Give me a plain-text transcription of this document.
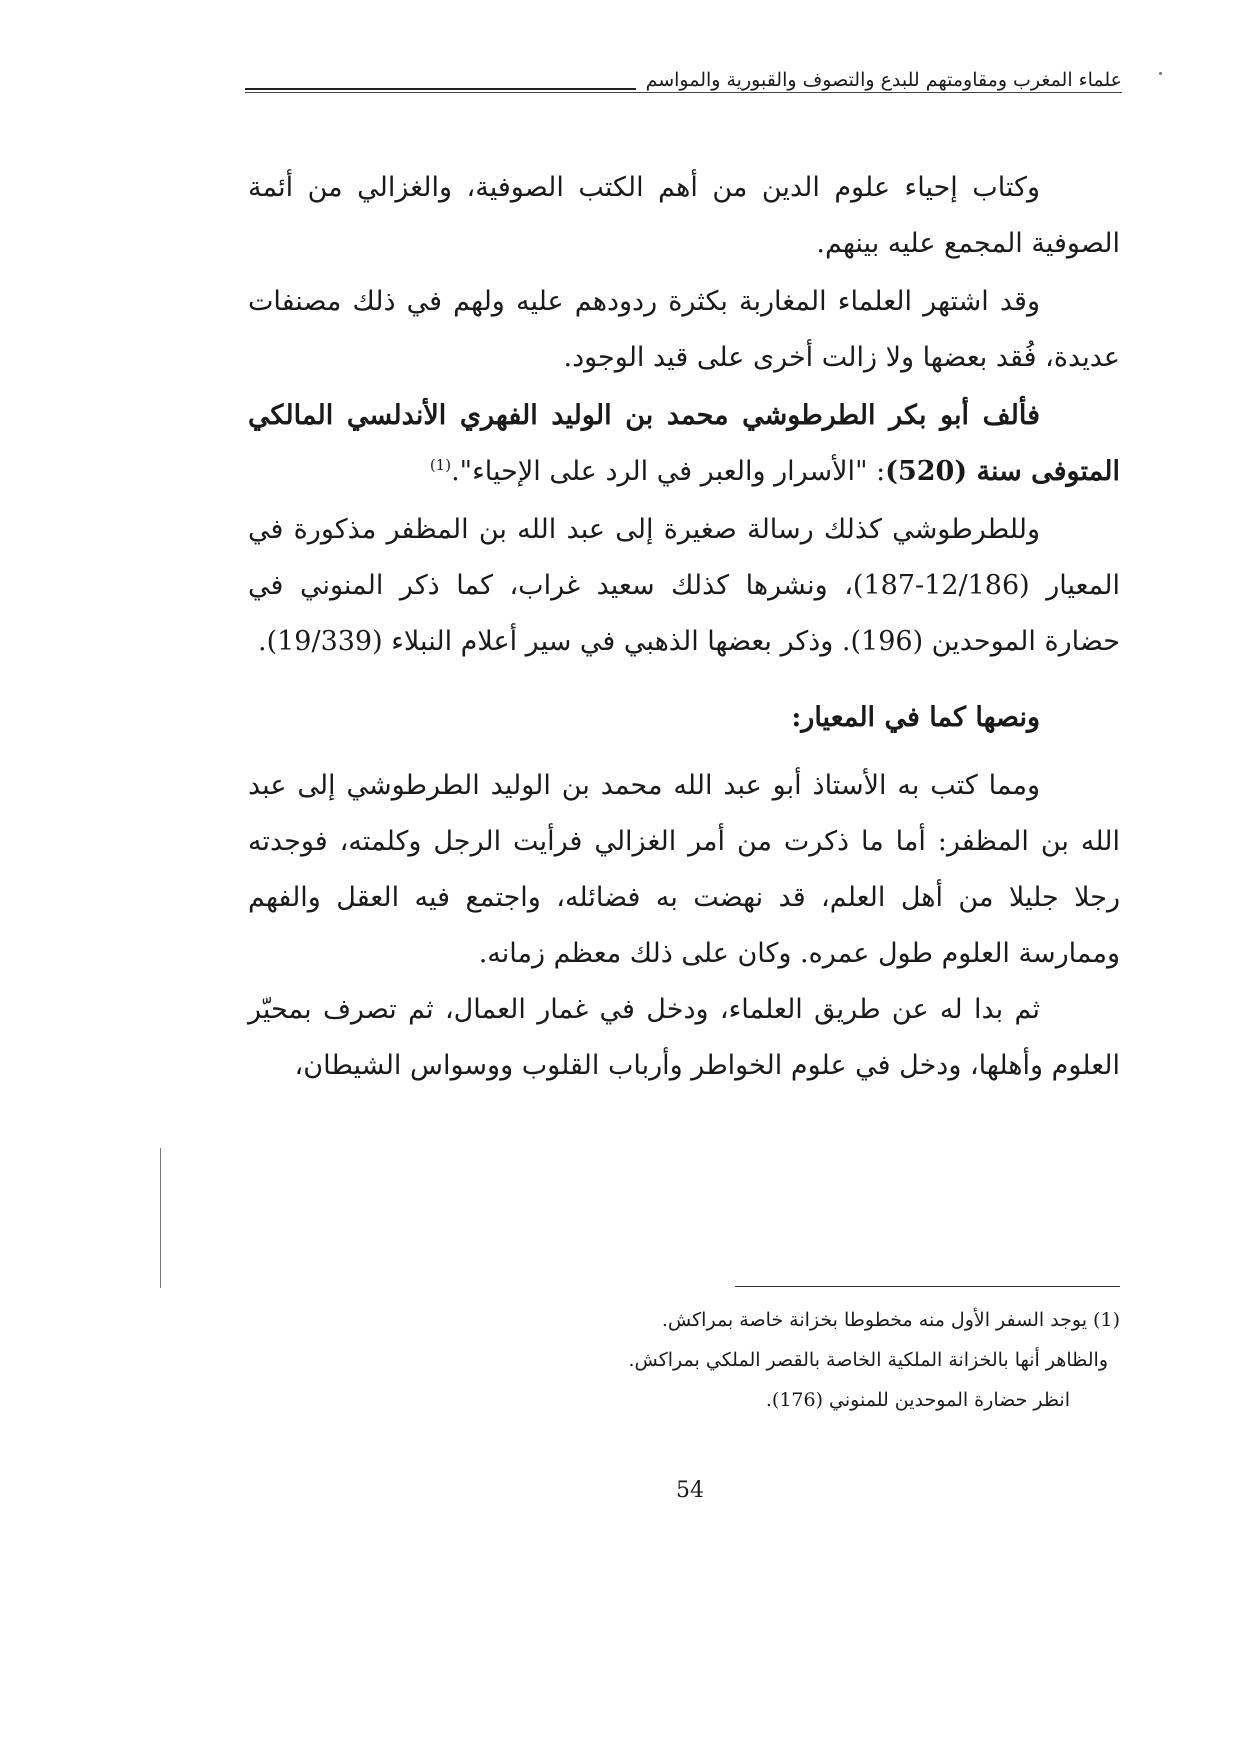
علماء المغرب ومقاومتهم للبدع والتصوف والقبورية والمواسم

وكتاب إحياء علوم الدين من أهم الكتب الصوفية، والغزالي من أئمة الصوفية المجمع عليه بينهم.

وقد اشتهر العلماء المغاربة بكثرة ردودهم عليه ولهم في ذلك مصنفات عديدة، فُقد بعضها ولا زالت أخرى على قيد الوجود.

فألف أبو بكر الطرطوشي محمد بن الوليد الفهري الأندلسي المالكي المتوفى سنة (520): "الأسرار والعبر في الرد على الإحياء".$^{(1)}$

وللطرطوشي كذلك رسالة صغيرة إلى عبد الله بن المظفر مذكورة في المعيار (12/186-187)، ونشرها كذلك سعيد غراب، كما ذكر المنوني في حضارة الموحدين (196). وذكر بعضها الذهبي في سير أعلام النبلاء (19/339).

ونصها كما في المعيار:

ومما كتب به الأستاذ أبو عبد الله محمد بن الوليد الطرطوشي إلى عبد الله بن المظفر: أما ما ذكرت من أمر الغزالي فرأيت الرجل وكلمته، فوجدته رجلا جليلا من أهل العلم، قد نهضت به فضائله، واجتمع فيه العقل والفهم وممارسة العلوم طول عمره. وكان على ذلك معظم زمانه.

ثم بدا له عن طريق العلماء، ودخل في غمار العمال، ثم تصرف بمحيّر العلوم وأهلها، ودخل في علوم الخواطر وأرباب القلوب ووسواس الشيطان،

(1) يوجد السفر الأول منه مخطوطا بخزانة خاصة بمراكش.
والظاهر أنها بالخزانة الملكية الخاصة بالقصر الملكي بمراكش.
انظر حضارة الموحدين للمنوني (176).
54
